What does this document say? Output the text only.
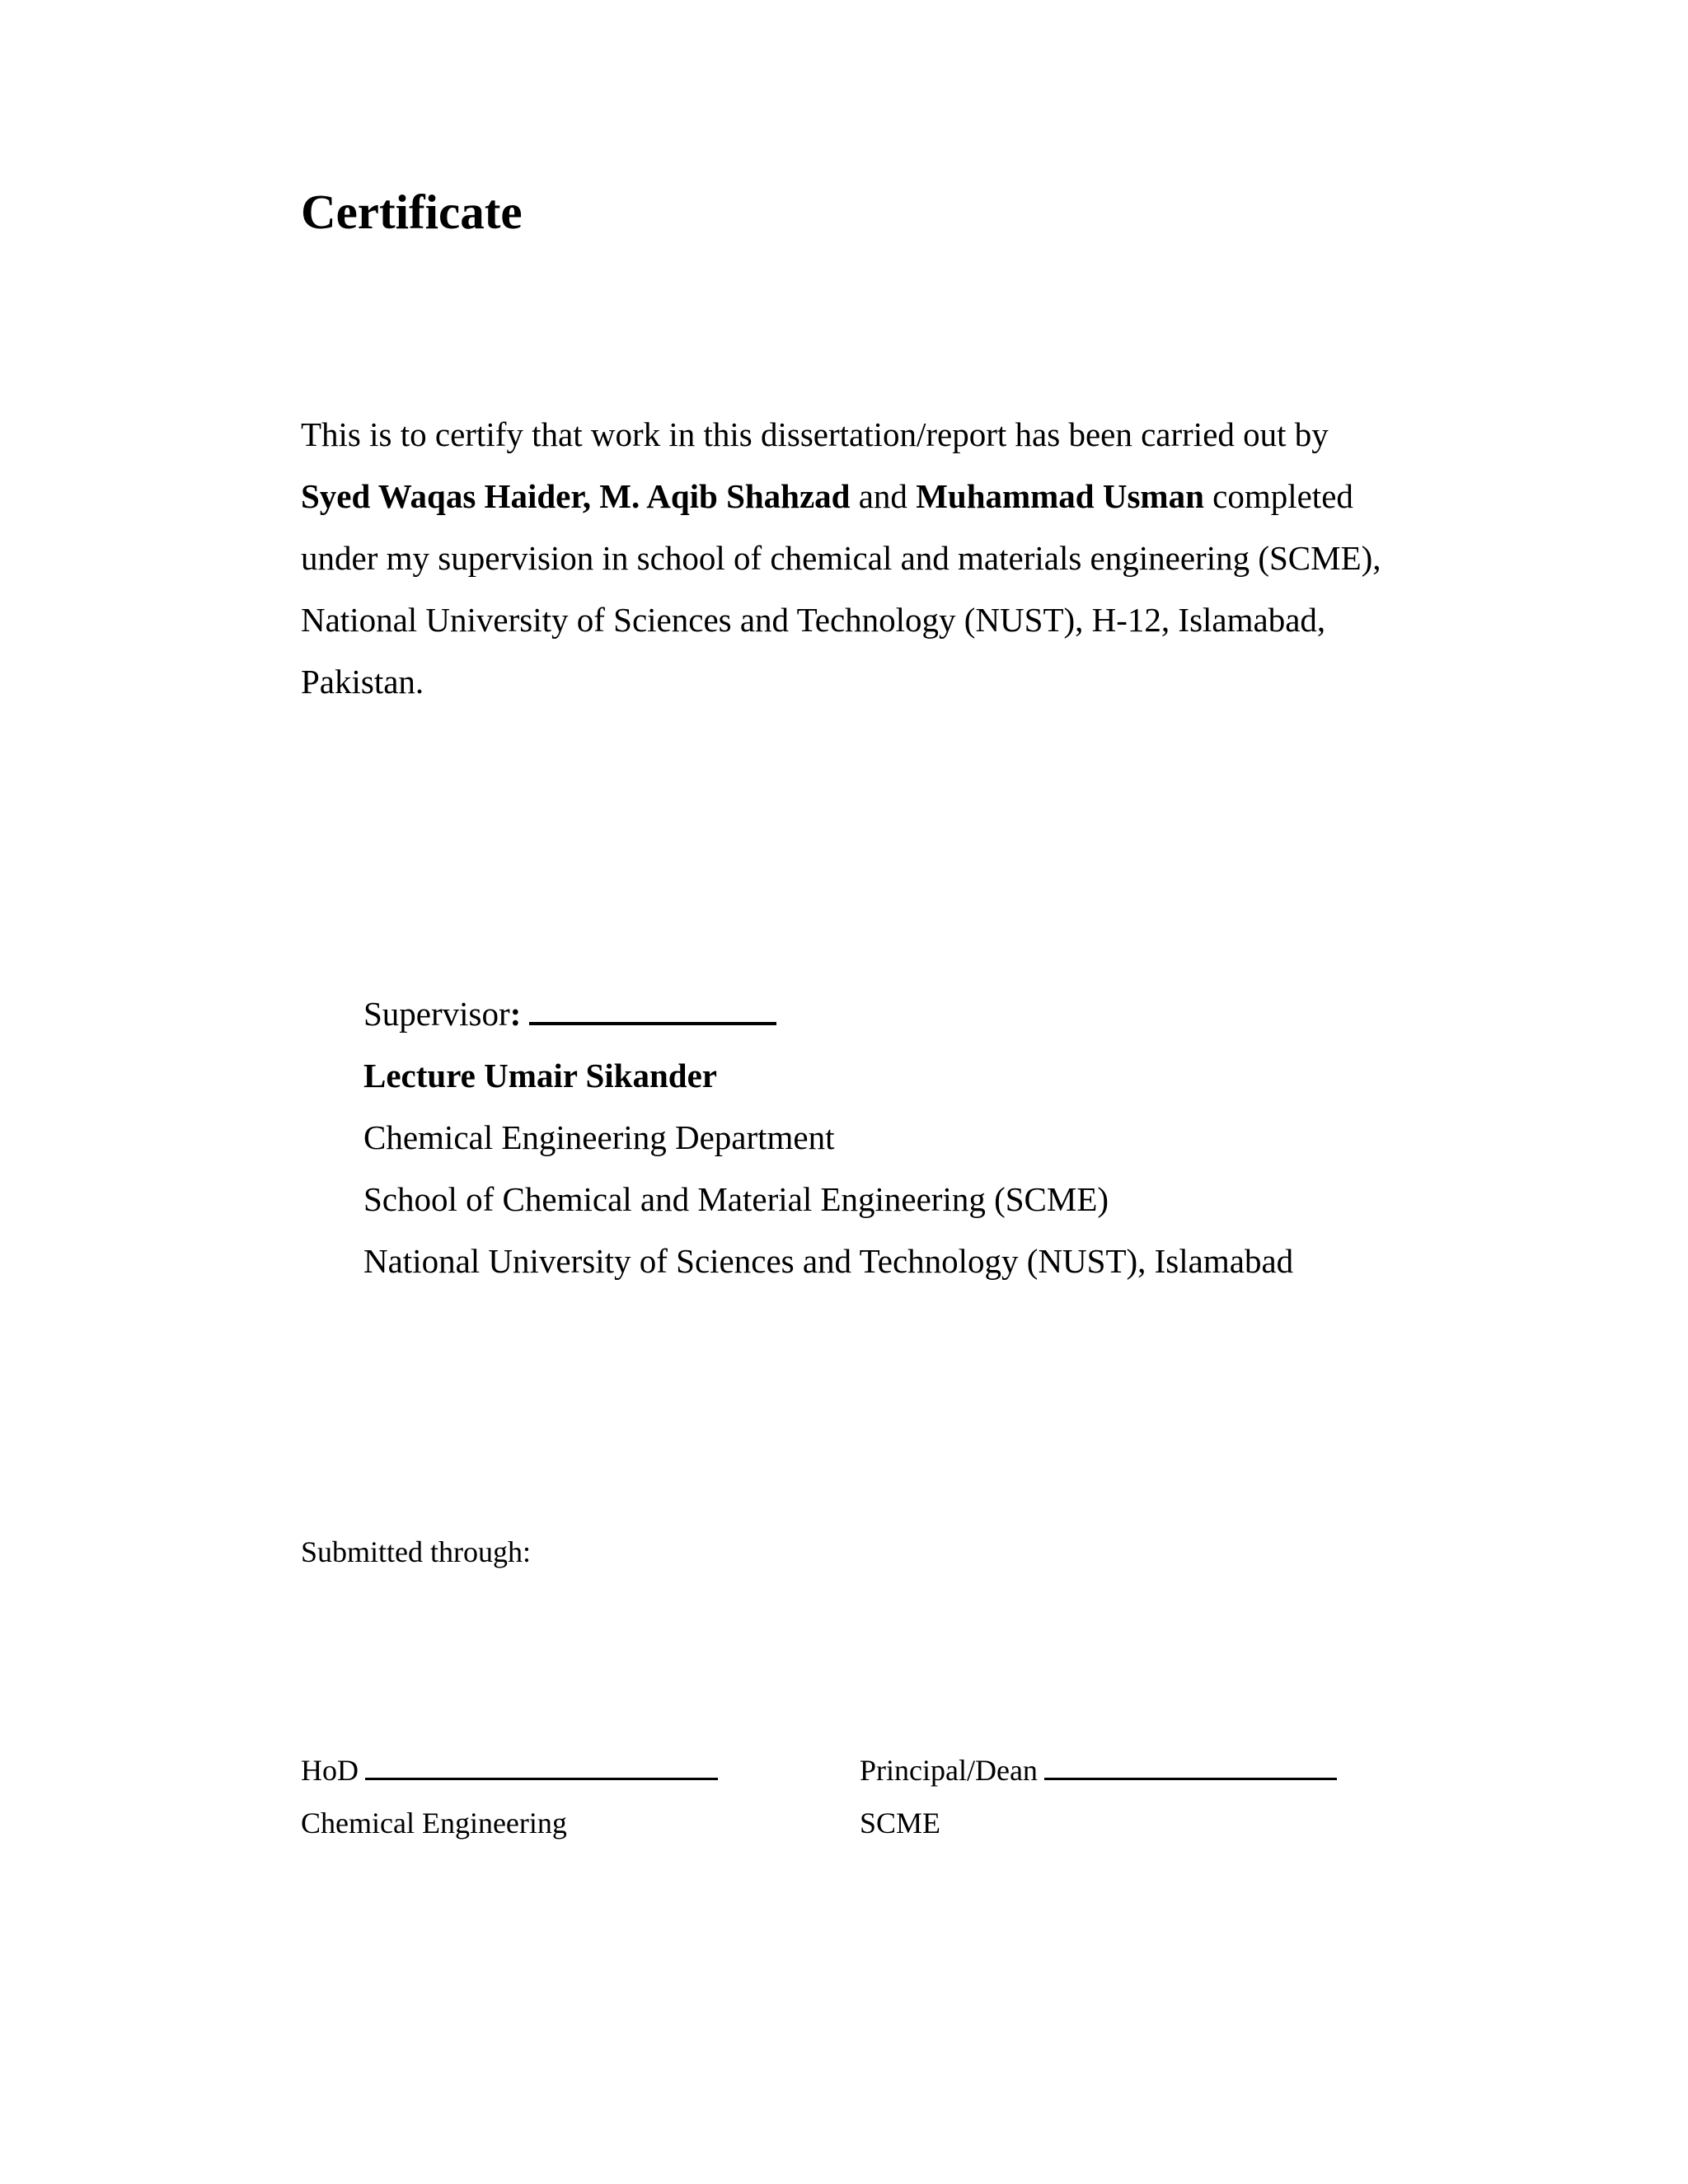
Certificate
This is to certify that work in this dissertation/report has been carried out by
Syed Waqas Haider, M. Aqib Shahzad and Muhammad Usman completed
under my supervision in school of chemical and materials engineering (SCME),
National University of Sciences and Technology (NUST), H-12, Islamabad,
Pakistan.
Supervisor:
Lecture Umair Sikander
Chemical Engineering Department
School of Chemical and Material Engineering (SCME)
National University of Sciences and Technology (NUST), Islamabad
Submitted through:
HoD
Chemical Engineering
Principal/Dean
SCME
